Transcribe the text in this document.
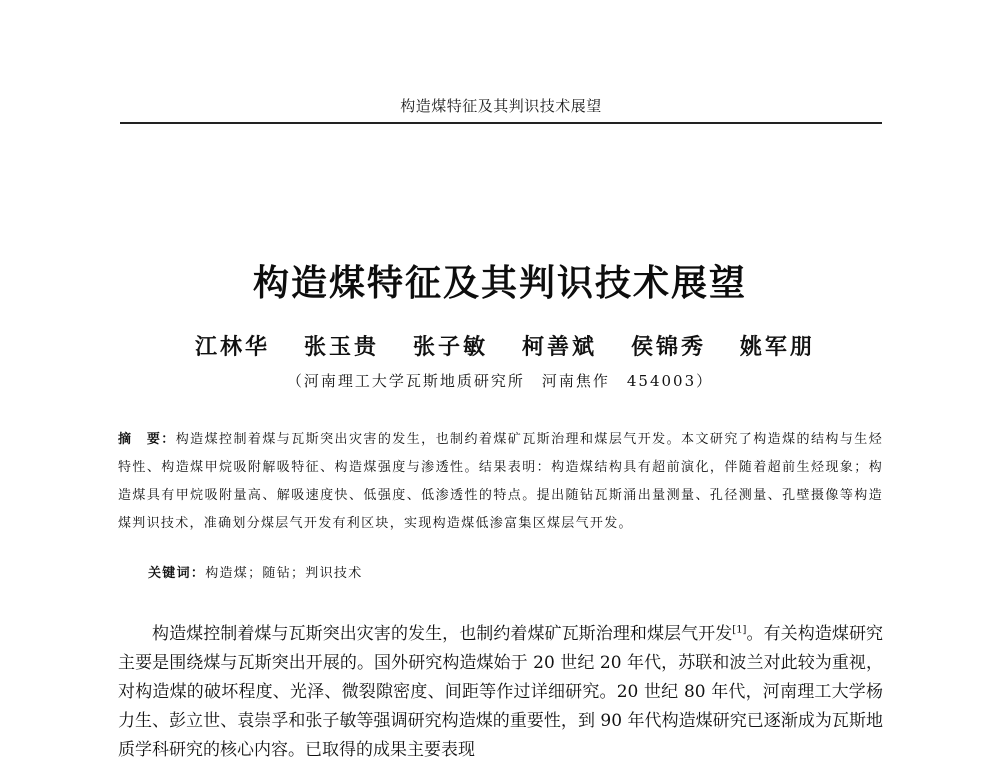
构造煤特征及其判识技术展望
构造煤特征及其判识技术展望
江林华 张玉贵 张子敏 柯善斌 侯锦秀 姚军朋
（河南理工大学瓦斯地质研究所　河南焦作　454003）
摘　要：构造煤控制着煤与瓦斯突出灾害的发生，也制约着煤矿瓦斯治理和煤层气开发。本文研究了构造煤的结构与生烃特性、构造煤甲烷吸附解吸特征、构造煤强度与渗透性。结果表明：构造煤结构具有超前演化，伴随着超前生烃现象；构造煤具有甲烷吸附量高、解吸速度快、低强度、低渗透性的特点。提出随钻瓦斯涌出量测量、孔径测量、孔壁摄像等构造煤判识技术，准确划分煤层气开发有利区块，实现构造煤低渗富集区煤层气开发。
关键词：构造煤；随钻；判识技术

构造煤控制着煤与瓦斯突出灾害的发生，也制约着煤矿瓦斯治理和煤层气开发[1]。有关构造煤研究主要是围绕煤与瓦斯突出开展的。国外研究构造煤始于 20 世纪 20 年代，苏联和波兰对此较为重视，对构造煤的破坏程度、光泽、微裂隙密度、间距等作过详细研究。20 世纪 80 年代，河南理工大学杨力生、彭立世、袁崇孚和张子敏等强调研究构造煤的重要性，到 90 年代构造煤研究已逐渐成为瓦斯地质学科研究的核心内容。已取得的成果主要表现
